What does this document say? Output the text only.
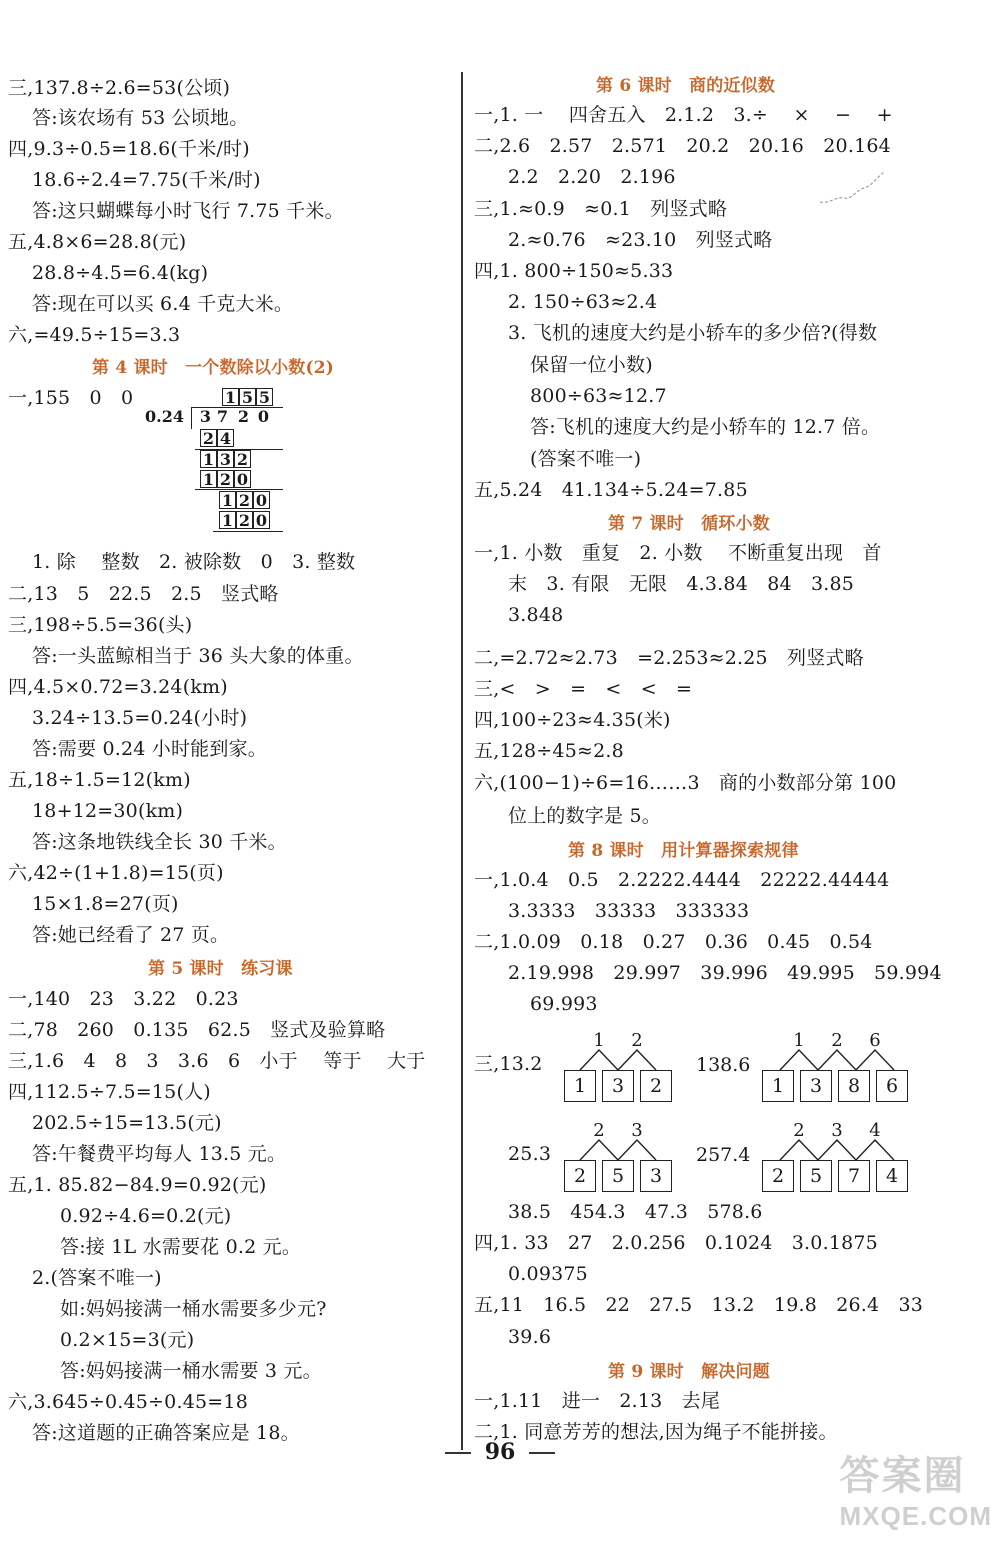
三,137.8÷2.6=53(公顷)
答:该农场有 53 公顷地。
四,9.3÷0.5=18.6(千米/时)
18.6÷2.4=7.75(千米/时)
答:这只蝴蝶每小时飞行 7.75 千米。
五,4.8×6=28.8(元)
28.8÷4.5=6.4(kg)
答:现在可以买 6.4 千克大米。
六,=49.5÷15=3.3
第 4 课时　一个数除以小数(2)
一,155　0　0
1. 除　 整数　2. 被除数　0　3. 整数
二,13　5　22.5　2.5　竖式略
三,198÷5.5=36(头)
答:一头蓝鲸相当于 36 头大象的体重。
四,4.5×0.72=3.24(km)
3.24÷13.5=0.24(小时)
答:需要 0.24 小时能到家。
五,18÷1.5=12(km)
18+12=30(km)
答:这条地铁线全长 30 千米。
六,42÷(1+1.8)=15(页)
15×1.8=27(页)
答:她已经看了 27 页。
第 5 课时　练习课
一,140　23　3.22　0.23
二,78　260　0.135　62.5　竖式及验算略
三,1.6　4　8　3　3.6　6　小于　 等于　 大于
四,112.5÷7.5=15(人)
202.5÷15=13.5(元)
答:午餐费平均每人 13.5 元。
五,1. 85.82−84.9=0.92(元)
0.92÷4.6=0.2(元)
答:接 1L 水需要花 0.2 元。
2.(答案不唯一)
如:妈妈接满一桶水需要多少元?
0.2×15=3(元)
答:妈妈接满一桶水需要 3 元。
六,3.645÷0.45÷0.45=18
答:这道题的正确答案应是 18。
第 6 课时　商的近似数
一,1. 一　 四舍五入　2.1.2　3.÷　 ×　 −　 +
二,2.6　2.57　2.571　20.2　20.16　20.164
2.2　2.20　2.196
三,1.≈0.9　≈0.1　列竖式略
2.≈0.76　≈23.10　列竖式略
四,1. 800÷150≈5.33
2. 150÷63≈2.4
3. 飞机的速度大约是小轿车的多少倍?(得数
保留一位小数)
800÷63≈12.7
答:飞机的速度大约是小轿车的 12.7 倍。
(答案不唯一)
五,5.24　41.134÷5.24=7.85
第 7 课时　循环小数
一,1. 小数　重复　2. 小数　 不断重复出现　首
末　3. 有限　无限　4.3.84　84　3.85
3.848
二,=2.72≈2.73　=2.253≈2.25　列竖式略
三,<　>　=　<　<　=
四,100÷23≈4.35(米)
五,128÷45≈2.8
六,(100−1)÷6=16……3　商的小数部分第 100
位上的数字是 5。
第 8 课时　用计算器探索规律
一,1.0.4　0.5　2.2222.4444　22222.44444
3.3333　33333　333333
二,1.0.09　0.18　0.27　0.36　0.45　0.54
2.19.998　29.997　39.996　49.995　59.994
69.993
三,13.2
25.3
38.5　454.3　47.3　578.6
四,1. 33　27　2.0.256　0.1024　3.0.1875
0.09375
五,11　16.5　22　27.5　13.2　19.8　26.4　33
39.6
第 9 课时　解决问题
一,1.11　进一　2.13　去尾
二,1. 同意芳芳的想法,因为绳子不能拼接。
1 5 5
0.24 3 7 2 0
2 4
1 3 2
1 2 0
1 2 0
1 2 0
138.6
257.4
1	2
1	3	2
1	2	6
1	3	8	6
2	3
2	5	3
2	3	4
2	5	7	4
96
答案圈
MXQE.COM
